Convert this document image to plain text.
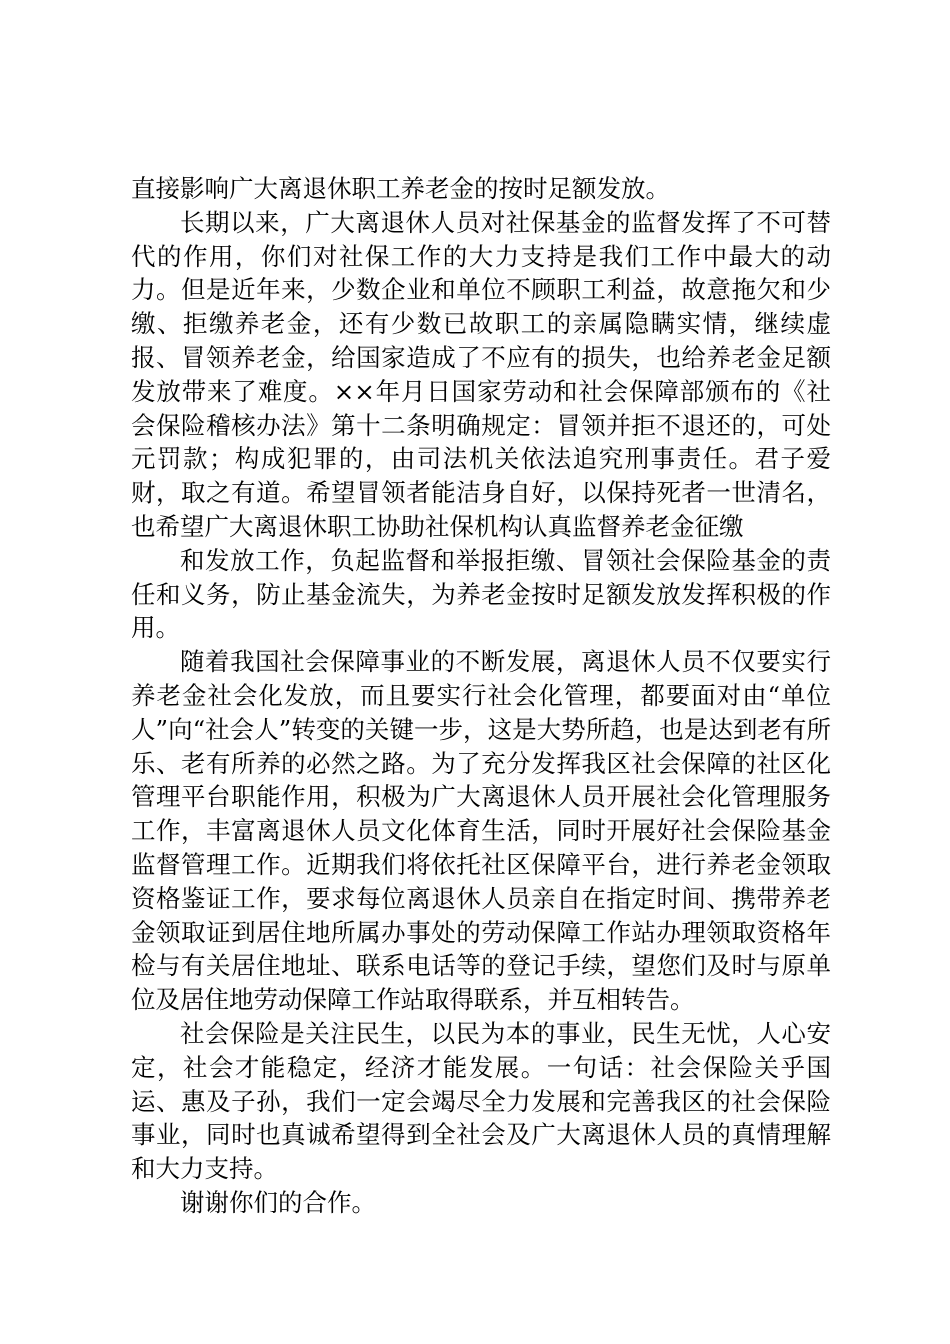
直接影响广大离退休职工养老金的按时足额发放。

长期以来，广大离退休人员对社保基金的监督发挥了不可替代的作用，你们对社保工作的大力支持是我们工作中最大的动力。但是近年来，少数企业和单位不顾职工利益，故意拖欠和少缴、拒缴养老金，还有少数已故职工的亲属隐瞒实情，继续虚报、冒领养老金，给国家造成了不应有的损失，也给养老金足额发放带来了难度。××年月日国家劳动和社会保障部颁布的《社会保险稽核办法》第十二条明确规定：冒领并拒不退还的，可处元罚款；构成犯罪的，由司法机关依法追究刑事责任。君子爱财，取之有道。希望冒领者能洁身自好，以保持死者一世清名，也希望广大离退休职工协助社保机构认真监督养老金征缴

和发放工作，负起监督和举报拒缴、冒领社会保险基金的责任和义务，防止基金流失，为养老金按时足额发放发挥积极的作用。

随着我国社会保障事业的不断发展，离退休人员不仅要实行养老金社会化发放，而且要实行社会化管理，都要面对由“单位人”向“社会人”转变的关键一步，这是大势所趋，也是达到老有所乐、老有所养的必然之路。为了充分发挥我区社会保障的社区化管理平台职能作用，积极为广大离退休人员开展社会化管理服务工作，丰富离退休人员文化体育生活，同时开展好社会保险基金监督管理工作。近期我们将依托社区保障平台，进行养老金领取资格鉴证工作，要求每位离退休人员亲自在指定时间、携带养老金领取证到居住地所属办事处的劳动保障工作站办理领取资格年检与有关居住地址、联系电话等的登记手续，望您们及时与原单位及居住地劳动保障工作站取得联系，并互相转告。

社会保险是关注民生，以民为本的事业，民生无忧，人心安定，社会才能稳定，经济才能发展。一句话：社会保险关乎国运、惠及子孙，我们一定会竭尽全力发展和完善我区的社会保险事业，同时也真诚希望得到全社会及广大离退休人员的真情理解和大力支持。

谢谢你们的合作。
